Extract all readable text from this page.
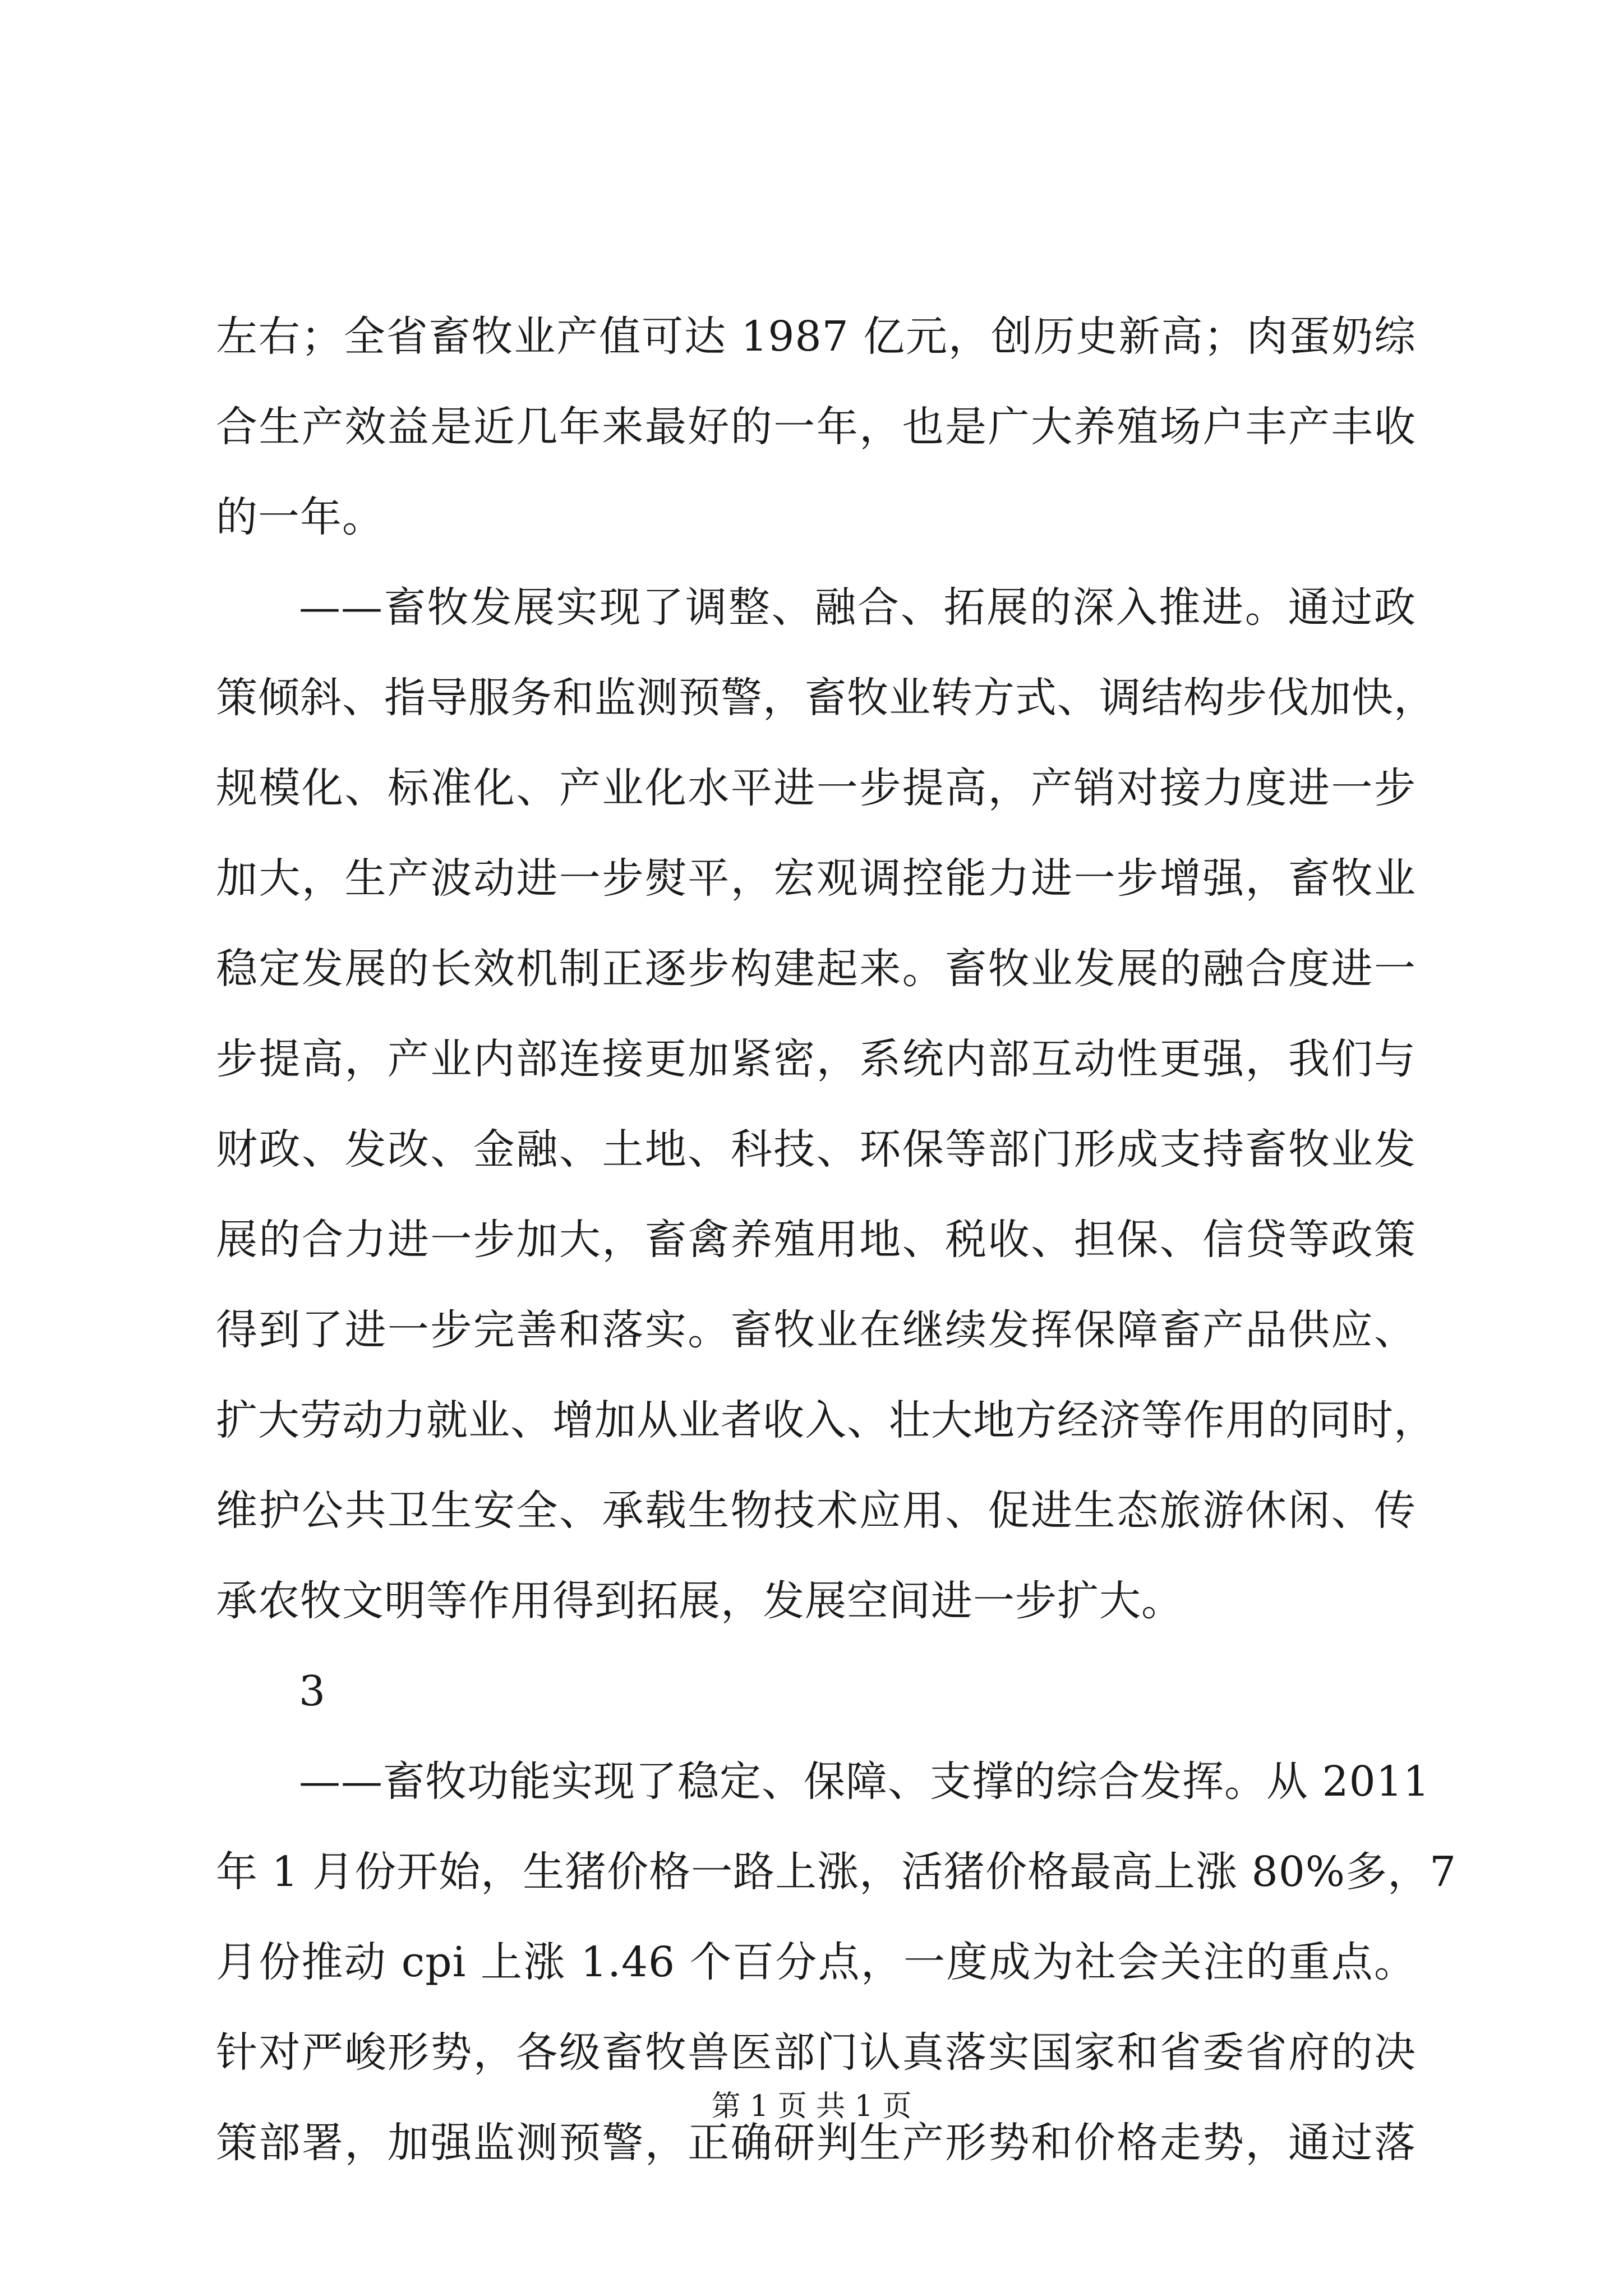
左右；全省畜牧业产值可达 1987 亿元，创历史新高；肉蛋奶综
合生产效益是近几年来最好的一年，也是广大养殖场户丰产丰收
的一年。
——畜牧发展实现了调整、融合、拓展的深入推进。通过政
策倾斜、指导服务和监测预警，畜牧业转方式、调结构步伐加快，
规模化、标准化、产业化水平进一步提高，产销对接力度进一步
加大，生产波动进一步熨平，宏观调控能力进一步增强，畜牧业
稳定发展的长效机制正逐步构建起来。畜牧业发展的融合度进一
步提高，产业内部连接更加紧密，系统内部互动性更强，我们与
财政、发改、金融、土地、科技、环保等部门形成支持畜牧业发
展的合力进一步加大，畜禽养殖用地、税收、担保、信贷等政策
得到了进一步完善和落实。畜牧业在继续发挥保障畜产品供应、
扩大劳动力就业、增加从业者收入、壮大地方经济等作用的同时，
维护公共卫生安全、承载生物技术应用、促进生态旅游休闲、传
承农牧文明等作用得到拓展，发展空间进一步扩大。
3
——畜牧功能实现了稳定、保障、支撑的综合发挥。从 2011
年 1 月份开始，生猪价格一路上涨，活猪价格最高上涨 80%多，7
月份推动 cpi 上涨 1.46 个百分点，一度成为社会关注的重点。
针对严峻形势，各级畜牧兽医部门认真落实国家和省委省府的决
策部署，加强监测预警，正确研判生产形势和价格走势，通过落
第 1 页 共 1 页
